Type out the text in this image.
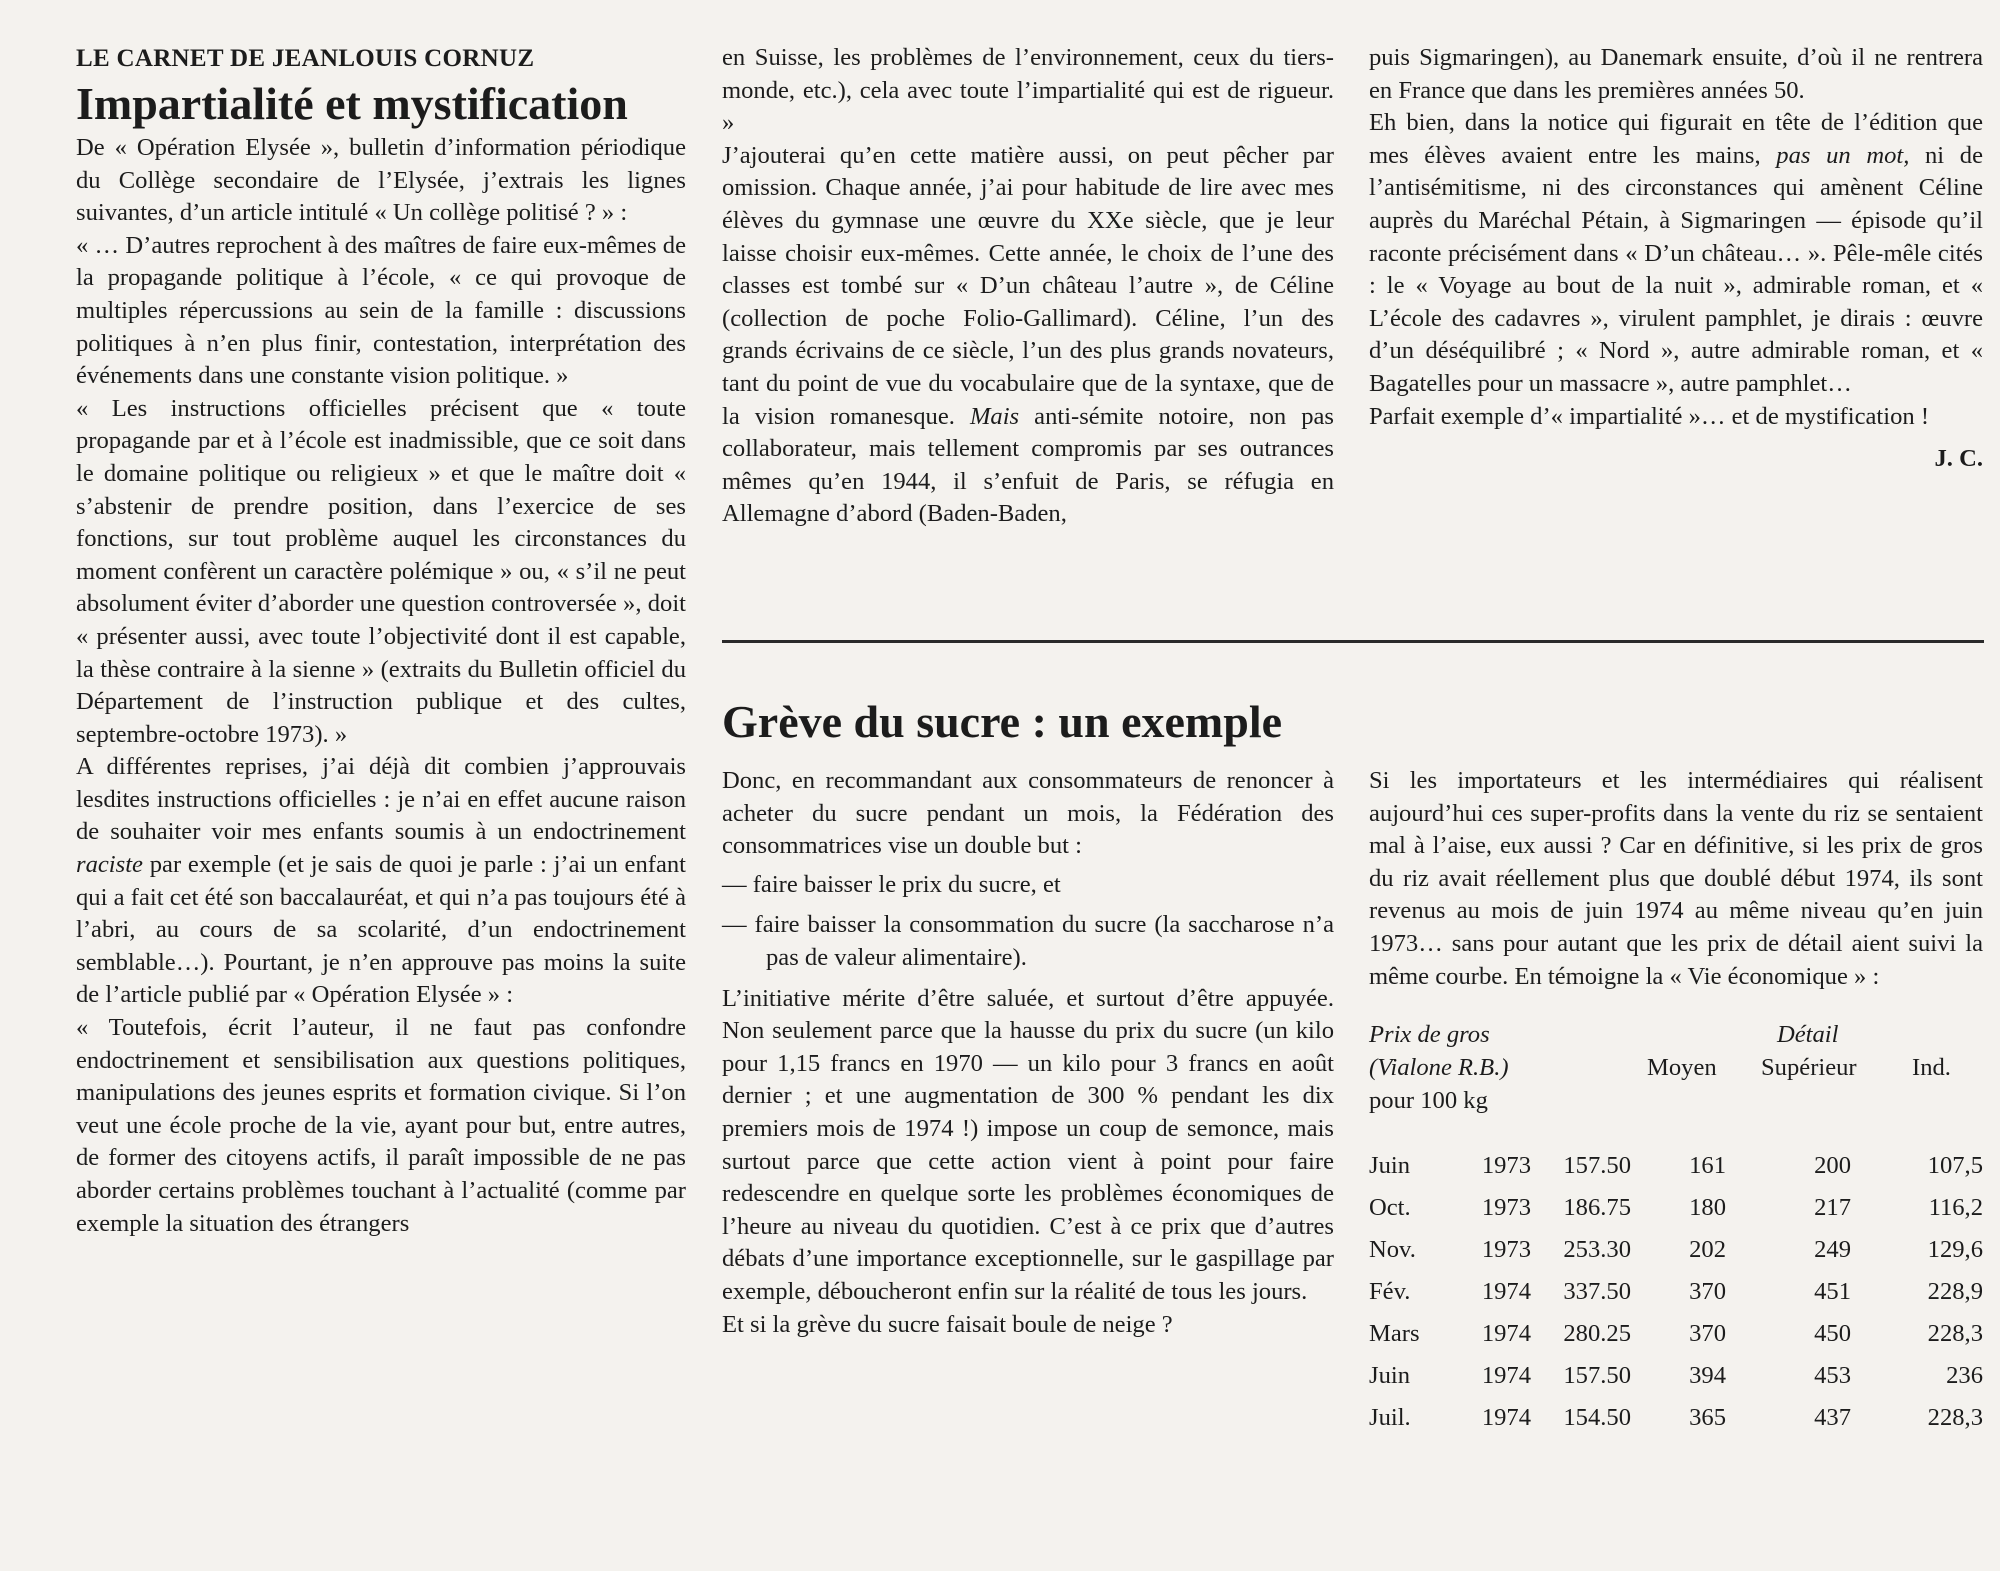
LE CARNET DE JEANLOUIS CORNUZ

Impartialité et mystification

De « Opération Elysée », bulletin d’information périodique du Collège secondaire de l’Elysée, j’extrais les lignes suivantes, d’un article intitulé « Un collège politisé ? » :

« … D’autres reprochent à des maîtres de faire eux-mêmes de la propagande politique à l’école, « ce qui provoque de multiples répercussions au sein de la famille : discussions politiques à n’en plus finir, contestation, interprétation des événements dans une constante vision politique. »

« Les instructions officielles précisent que « toute propagande par et à l’école est inadmissible, que ce soit dans le domaine politique ou religieux » et que le maître doit « s’abstenir de prendre position, dans l’exercice de ses fonctions, sur tout problème auquel les circonstances du moment confèrent un caractère polémique » ou, « s’il ne peut absolument éviter d’aborder une question controversée », doit « présenter aussi, avec toute l’objectivité dont il est capable, la thèse contraire à la sienne » (extraits du Bulletin officiel du Département de l’instruction publique et des cultes, septembre-octobre 1973). »

A différentes reprises, j’ai déjà dit combien j’approuvais lesdites instructions officielles : je n’ai en effet aucune raison de souhaiter voir mes enfants soumis à un endoctrinement raciste par exemple (et je sais de quoi je parle : j’ai un enfant qui a fait cet été son baccalauréat, et qui n’a pas toujours été à l’abri, au cours de sa scolarité, d’un endoctrinement semblable…). Pourtant, je n’en approuve pas moins la suite de l’article publié par « Opération Elysée » :

« Toutefois, écrit l’auteur, il ne faut pas confondre endoctrinement et sensibilisation aux questions politiques, manipulations des jeunes esprits et formation civique. Si l’on veut une école proche de la vie, ayant pour but, entre autres, de former des citoyens actifs, il paraît impossible de ne pas aborder certains problèmes touchant à l’actualité (comme par exemple la situation des étrangers

en Suisse, les problèmes de l’environnement, ceux du tiers-monde, etc.), cela avec toute l’impartialité qui est de rigueur. »

J’ajouterai qu’en cette matière aussi, on peut pêcher par omission. Chaque année, j’ai pour habitude de lire avec mes élèves du gymnase une œuvre du XXe siècle, que je leur laisse choisir eux-mêmes. Cette année, le choix de l’une des classes est tombé sur « D’un château l’autre », de Céline (collection de poche Folio-Gallimard). Céline, l’un des grands écrivains de ce siècle, l’un des plus grands novateurs, tant du point de vue du vocabulaire que de la syntaxe, que de la vision romanesque. Mais anti-sémite notoire, non pas collaborateur, mais tellement compromis par ses outrances mêmes qu’en 1944, il s’enfuit de Paris, se réfugia en Allemagne d’abord (Baden-Baden,

puis Sigmaringen), au Danemark ensuite, d’où il ne rentrera en France que dans les premières années 50.

Eh bien, dans la notice qui figurait en tête de l’édition que mes élèves avaient entre les mains, pas un mot, ni de l’antisémitisme, ni des circonstances qui amènent Céline auprès du Maréchal Pétain, à Sigmaringen — épisode qu’il raconte précisément dans « D’un château… ». Pêle-mêle cités : le « Voyage au bout de la nuit », admirable roman, et « L’école des cadavres », virulent pamphlet, je dirais : œuvre d’un déséquilibré ; « Nord », autre admirable roman, et « Bagatelles pour un massacre », autre pamphlet…

Parfait exemple d’« impartialité »… et de mystification !

J. C.

Grève du sucre : un exemple

Donc, en recommandant aux consommateurs de renoncer à acheter du sucre pendant un mois, la Fédération des consommatrices vise un double but :

— faire baisser le prix du sucre, et

— faire baisser la consommation du sucre (la saccharose n’a pas de valeur alimentaire).

L’initiative mérite d’être saluée, et surtout d’être appuyée. Non seulement parce que la hausse du prix du sucre (un kilo pour 1,15 francs en 1970 — un kilo pour 3 francs en août dernier ; et une augmentation de 300 % pendant les dix premiers mois de 1974 !) impose un coup de semonce, mais surtout parce que cette action vient à point pour faire redescendre en quelque sorte les problèmes économiques de l’heure au niveau du quotidien. C’est à ce prix que d’autres débats d’une importance exceptionnelle, sur le gaspillage par exemple, déboucheront enfin sur la réalité de tous les jours.

Et si la grève du sucre faisait boule de neige ?

Si les importateurs et les intermédiaires qui réalisent aujourd’hui ces super-profits dans la vente du riz se sentaient mal à l’aise, eux aussi ? Car en définitive, si les prix de gros du riz avait réellement plus que doublé début 1974, ils sont revenus au mois de juin 1974 au même niveau qu’en juin 1973… sans pour autant que les prix de détail aient suivi la même courbe. En témoigne la « Vie économique » :

Prix de gros
(Vialone R.B.)
pour 100 kg
Détail
Moyen Supérieur Ind.
Juin	1973	157.50	161	200	107,5
Oct.	1973	186.75	180	217	116,2
Nov.	1973	253.30	202	249	129,6
Fév.	1974	337.50	370	451	228,9
Mars	1974	280.25	370	450	228,3
Juin	1974	157.50	394	453	236
Juil.	1974	154.50	365	437	228,3
